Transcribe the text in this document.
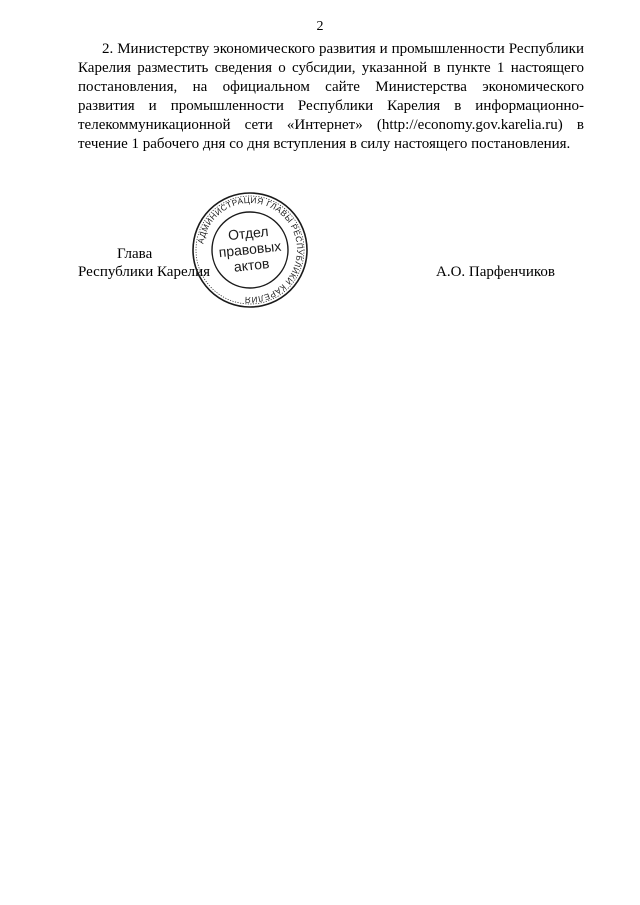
2

2. Министерству экономического развития и промышленности Республики Карелия разместить сведения о субсидии, указанной в пункте 1 настоящего постановления, на официальном сайте Министерства экономического развития и промышленности Республики Карелия в информационно-телекоммуникационной сети «Интернет» (http://economy.gov.karelia.ru) в течение 1 рабочего дня со дня вступления в силу настоящего постановления.

Глава
Республики Карелия	А.О. Парфенчиков
АДМИНИСТРАЦИЯ ГЛАВЫ РЕСПУБЛИКИ КАРЕЛИЯ
Отдел
правовых
актов
